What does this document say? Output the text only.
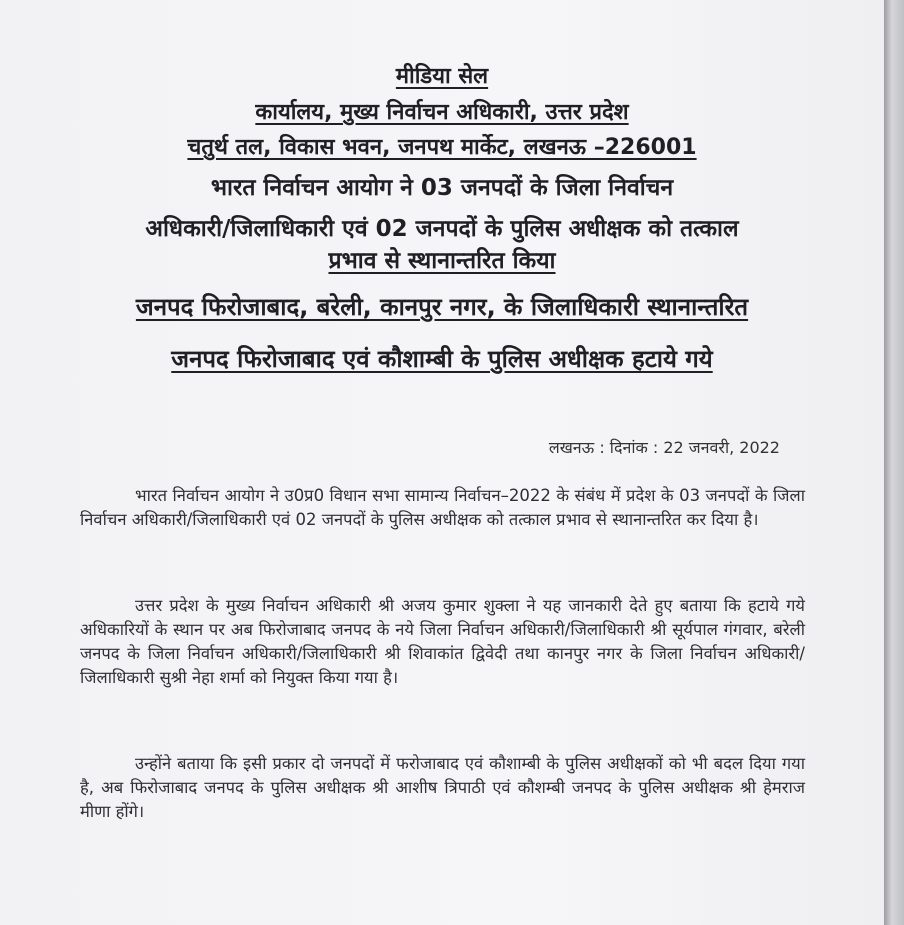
मीडिया सेल
कार्यालय, मुख्य निर्वाचन अधिकारी, उत्तर प्रदेश
चतुर्थ तल, विकास भवन, जनपथ मार्केट, लखनऊ –226001
भारत निर्वाचन आयोग ने 03 जनपदों के जिला निर्वाचन
अधिकारी/जिलाधिकारी एवं 02 जनपदों के पुलिस अधीक्षक को तत्काल
प्रभाव से स्थानान्तरित किया
जनपद फिरोजाबाद, बरेली, कानपुर नगर, के जिलाधिकारी स्थानान्तरित
जनपद फिरोजाबाद एवं कौशाम्बी के पुलिस अधीक्षक हटाये गये
लखनऊ : दिनांक : 22 जनवरी, 2022
भारत निर्वाचन आयोग ने उ0प्र0 विधान सभा सामान्य निर्वाचन–2022 के संबंध में प्रदेश के 03 जनपदों के जिला निर्वाचन अधिकारी/जिलाधिकारी एवं 02 जनपदों के पुलिस अधीक्षक को तत्काल प्रभाव से स्थानान्तरित कर दिया है।
उत्तर प्रदेश के मुख्य निर्वाचन अधिकारी श्री अजय कुमार शुक्ला ने यह जानकारी देते हुए बताया कि हटाये गये अधिकारियों के स्थान पर अब फिरोजाबाद जनपद के नये जिला निर्वाचन अधिकारी/जिलाधिकारी श्री सूर्यपाल गंगवार, बरेली जनपद के जिला निर्वाचन अधिकारी/जिलाधिकारी श्री शिवाकांत द्विवेदी तथा कानपुर नगर के जिला निर्वाचन अधिकारी/जिलाधिकारी सुश्री नेहा शर्मा को नियुक्त किया गया है।
उन्होंने बताया कि इसी प्रकार दो जनपदों में फरोजाबाद एवं कौशाम्बी के पुलिस अधीक्षकों को भी बदल दिया गया है, अब फिरोजाबाद जनपद के पुलिस अधीक्षक श्री आशीष त्रिपाठी एवं कौशम्बी जनपद के पुलिस अधीक्षक श्री हेमराज मीणा होंगे।
